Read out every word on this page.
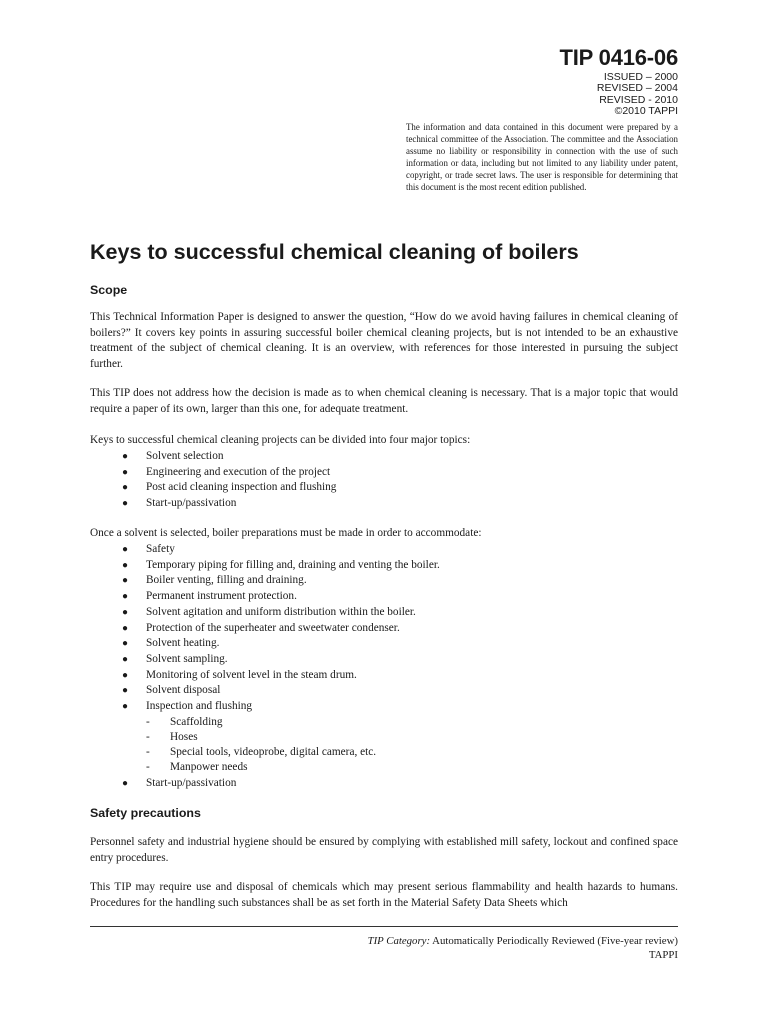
TIP 0416-06
ISSUED – 2000
REVISED – 2004
REVISED - 2010
©2010 TAPPI
The information and data contained in this document were prepared by a technical committee of the Association. The committee and the Association assume no liability or responsibility in connection with the use of such information or data, including but not limited to any liability under patent, copyright, or trade secret laws. The user is responsible for determining that this document is the most recent edition published.
Keys to successful chemical cleaning of boilers
Scope

This Technical Information Paper is designed to answer the question, “How do we avoid having failures in chemical cleaning of boilers?” It covers key points in assuring successful boiler chemical cleaning projects, but is not intended to be an exhaustive treatment of the subject of chemical cleaning. It is an overview, with references for those interested in pursuing the subject further.

This TIP does not address how the decision is made as to when chemical cleaning is necessary. That is a major topic that would require a paper of its own, larger than this one, for adequate treatment.

Keys to successful chemical cleaning projects can be divided into four major topics:

● Solvent selection
● Engineering and execution of the project
● Post acid cleaning inspection and flushing
● Start-up/passivation

Once a solvent is selected, boiler preparations must be made in order to accommodate:

● Safety
● Temporary piping for filling and, draining and venting the boiler.
● Boiler venting, filling and draining.
● Permanent instrument protection.
● Solvent agitation and uniform distribution within the boiler.
● Protection of the superheater and sweetwater condenser.
● Solvent heating.
● Solvent sampling.
● Monitoring of solvent level in the steam drum.
● Solvent disposal
● Inspection and flushing
- Scaffolding
- Hoses
- Special tools, videoprobe, digital camera, etc.
- Manpower needs
● Start-up/passivation
Safety precautions

Personnel safety and industrial hygiene should be ensured by complying with established mill safety, lockout and confined space entry procedures.

This TIP may require use and disposal of chemicals which may present serious flammability and health hazards to humans. Procedures for the handling such substances shall be as set forth in the Material Safety Data Sheets which

TIP Category: Automatically Periodically Reviewed (Five-year review)
TAPPI
